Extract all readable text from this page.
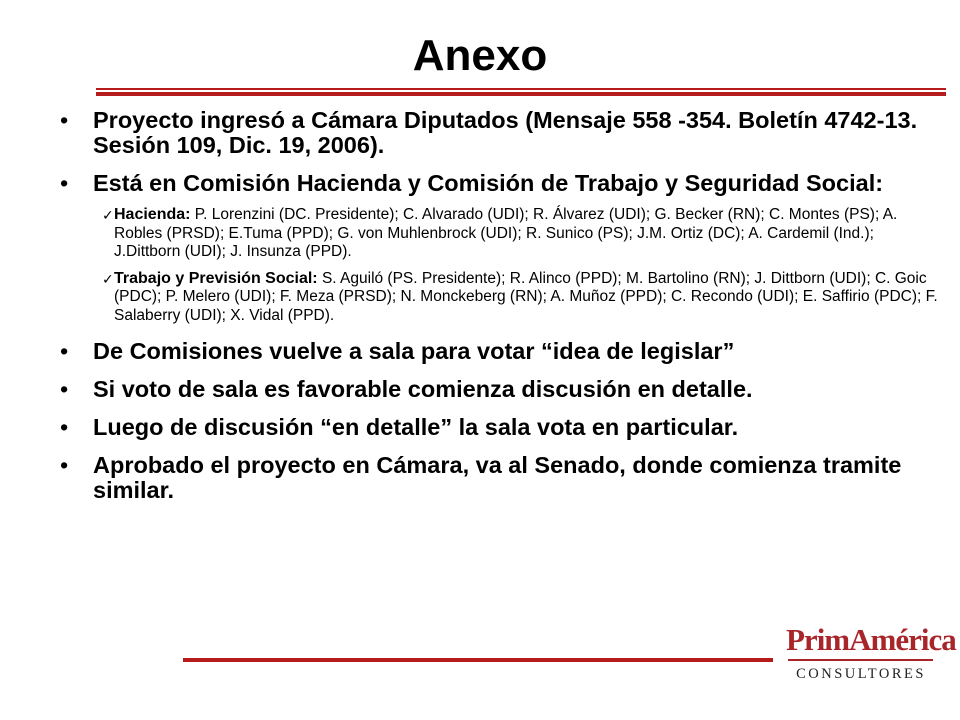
Anexo
• Proyecto ingresó a Cámara Diputados (Mensaje 558 -354. Boletín 4742-13. Sesión 109, Dic. 19, 2006).
• Está en Comisión Hacienda y Comisión de Trabajo y Seguridad Social:
✓ Hacienda: P. Lorenzini (DC. Presidente); C. Alvarado (UDI); R. Álvarez (UDI); G. Becker (RN); C. Montes (PS); A. Robles (PRSD); E.Tuma (PPD); G. von Muhlenbrock (UDI); R. Sunico (PS); J.M. Ortiz (DC); A. Cardemil (Ind.); J.Dittborn (UDI); J. Insunza (PPD).
✓ Trabajo y Previsión Social: S. Aguiló (PS. Presidente); R. Alinco (PPD); M. Bartolino (RN); J. Dittborn (UDI); C. Goic (PDC); P. Melero (UDI); F. Meza (PRSD); N. Monckeberg (RN); A. Muñoz (PPD); C. Recondo (UDI); E. Saffirio (PDC); F. Salaberry (UDI); X. Vidal (PPD).
• De Comisiones vuelve a sala para votar “idea de legislar”
• Si voto de sala es favorable comienza discusión en detalle.
• Luego de discusión “en detalle” la sala vota en particular.
• Aprobado el proyecto en Cámara, va al Senado, donde comienza tramite similar.
PrimAmérica
CONSULTORES
